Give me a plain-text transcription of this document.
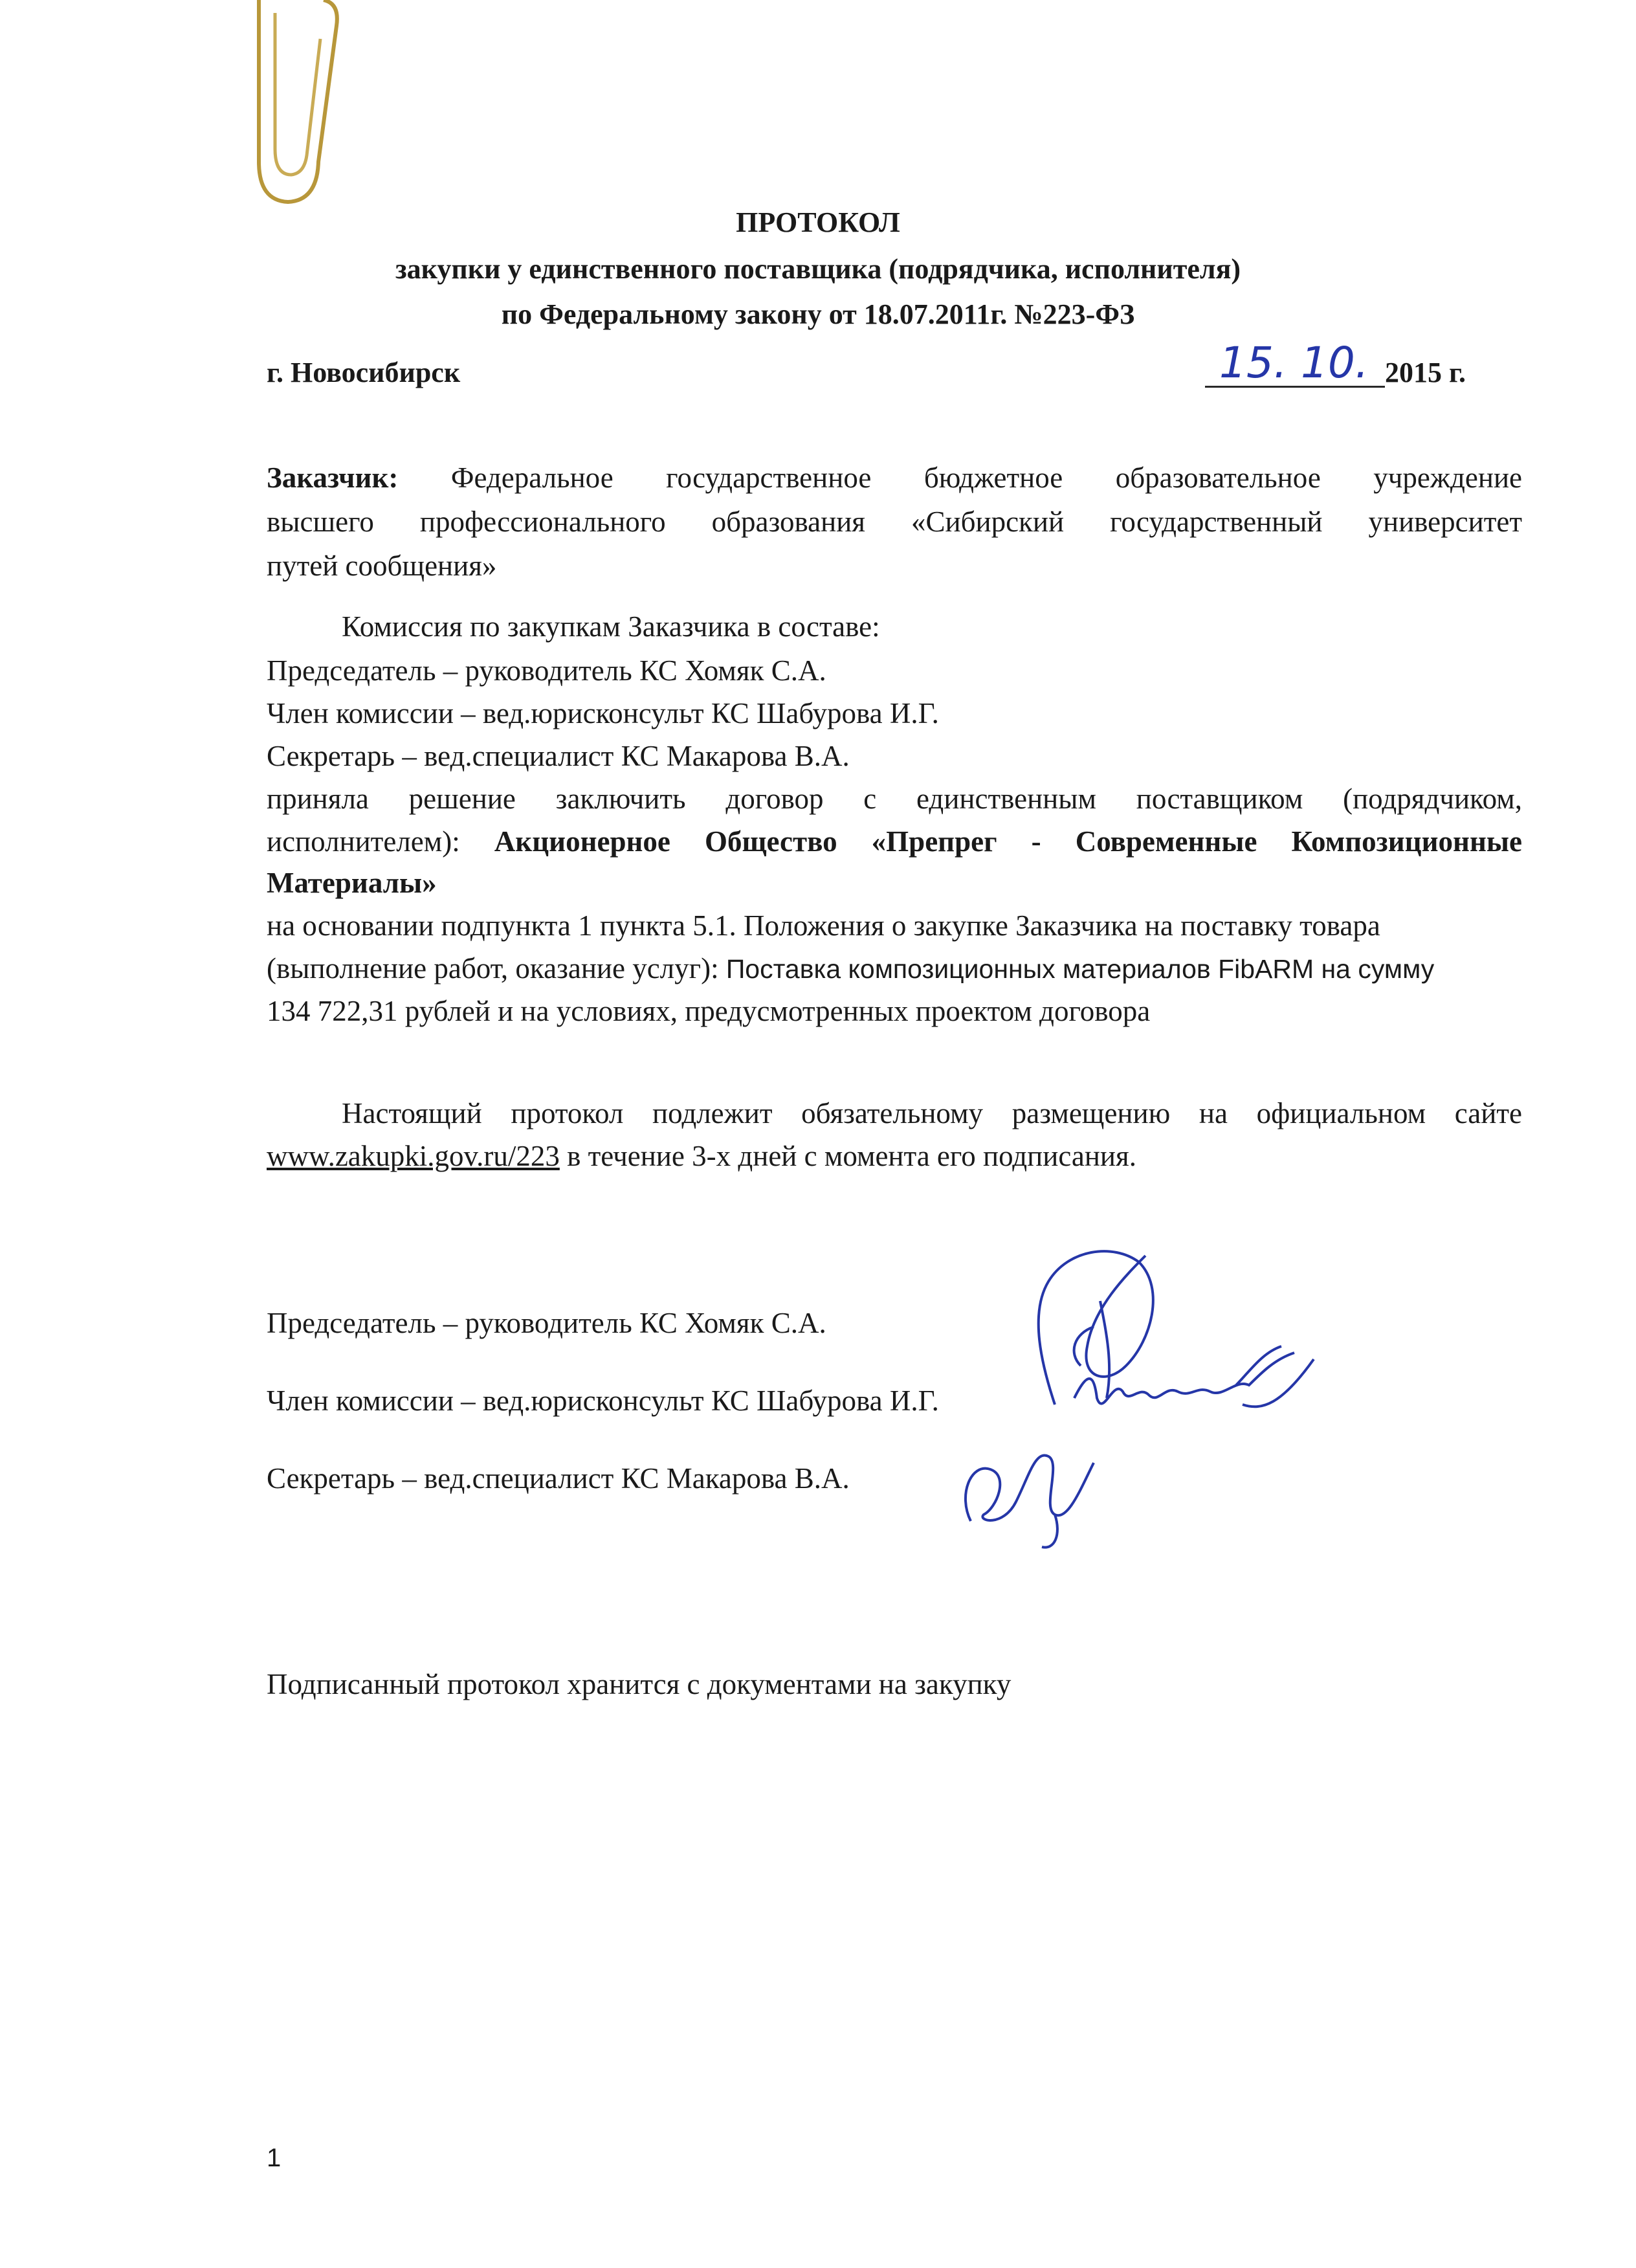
ПРОТОКОЛ
закупки у единственного поставщика (подрядчика, исполнителя)
по Федеральному закону от 18.07.2011г. №223-ФЗ
г. Новосибирск	15. 10. 2015 г.
Заказчик: Федеральное государственное бюджетное образовательное учреждение
высшего профессионального образования «Сибирский государственный университет
путей сообщения»
Комиссия по закупкам Заказчика в составе:
Председатель – руководитель КС Хомяк С.А.
Член комиссии – вед.юрисконсульт КС Шабурова И.Г.
Секретарь – вед.специалист КС Макарова В.А.
приняла решение заключить договор с единственным поставщиком (подрядчиком,
исполнителем): Акционерное Общество «Препрег - Современные Композиционные
Материалы»
на основании подпункта 1 пункта 5.1. Положения о закупке Заказчика на поставку товара
(выполнение работ, оказание услуг): Поставка композиционных материалов FibARM на сумму
134 722,31 рублей и на условиях, предусмотренных проектом договора
Настоящий протокол подлежит обязательному размещению на официальном сайте
www.zakupki.gov.ru/223 в течение 3-х дней с момента его подписания.
Председатель – руководитель КС Хомяк С.А.
Член комиссии – вед.юрисконсульт КС Шабурова И.Г.
Секретарь – вед.специалист КС Макарова В.А.
Подписанный протокол хранится с документами на закупку
1
